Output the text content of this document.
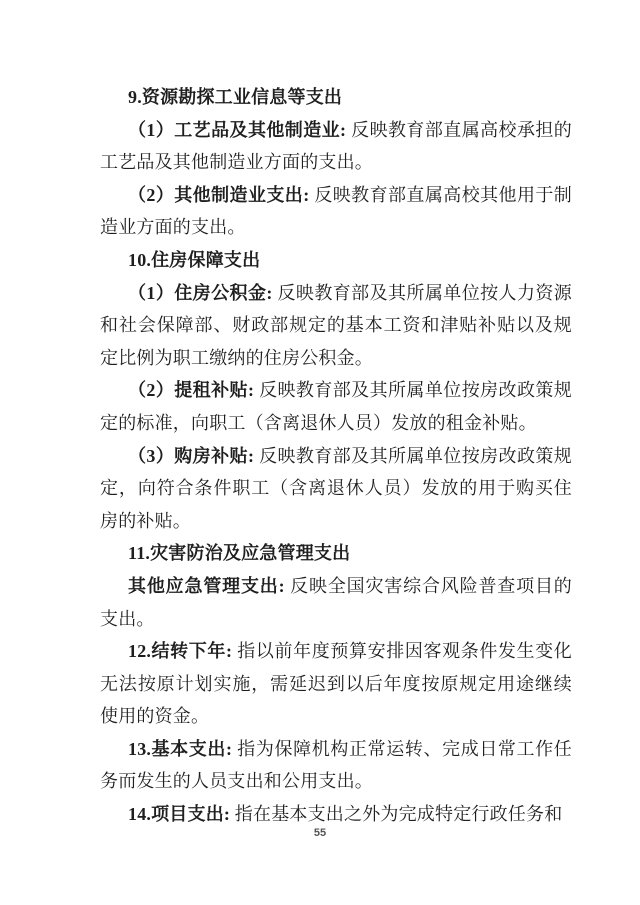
9.资源勘探工业信息等支出

（1）工艺品及其他制造业: 反映教育部直属高校承担的工艺品及其他制造业方面的支出。

（2）其他制造业支出: 反映教育部直属高校其他用于制造业方面的支出。

10.住房保障支出

（1）住房公积金: 反映教育部及其所属单位按人力资源和社会保障部、财政部规定的基本工资和津贴补贴以及规定比例为职工缴纳的住房公积金。

（2）提租补贴: 反映教育部及其所属单位按房改政策规定的标准，向职工（含离退休人员）发放的租金补贴。

（3）购房补贴: 反映教育部及其所属单位按房改政策规定，向符合条件职工（含离退休人员）发放的用于购买住房的补贴。

11.灾害防治及应急管理支出

其他应急管理支出: 反映全国灾害综合风险普查项目的支出。

12.结转下年: 指以前年度预算安排因客观条件发生变化无法按原计划实施，需延迟到以后年度按原规定用途继续使用的资金。

13.基本支出: 指为保障机构正常运转、完成日常工作任务而发生的人员支出和公用支出。

14.项目支出: 指在基本支出之外为完成特定行政任务和

55
